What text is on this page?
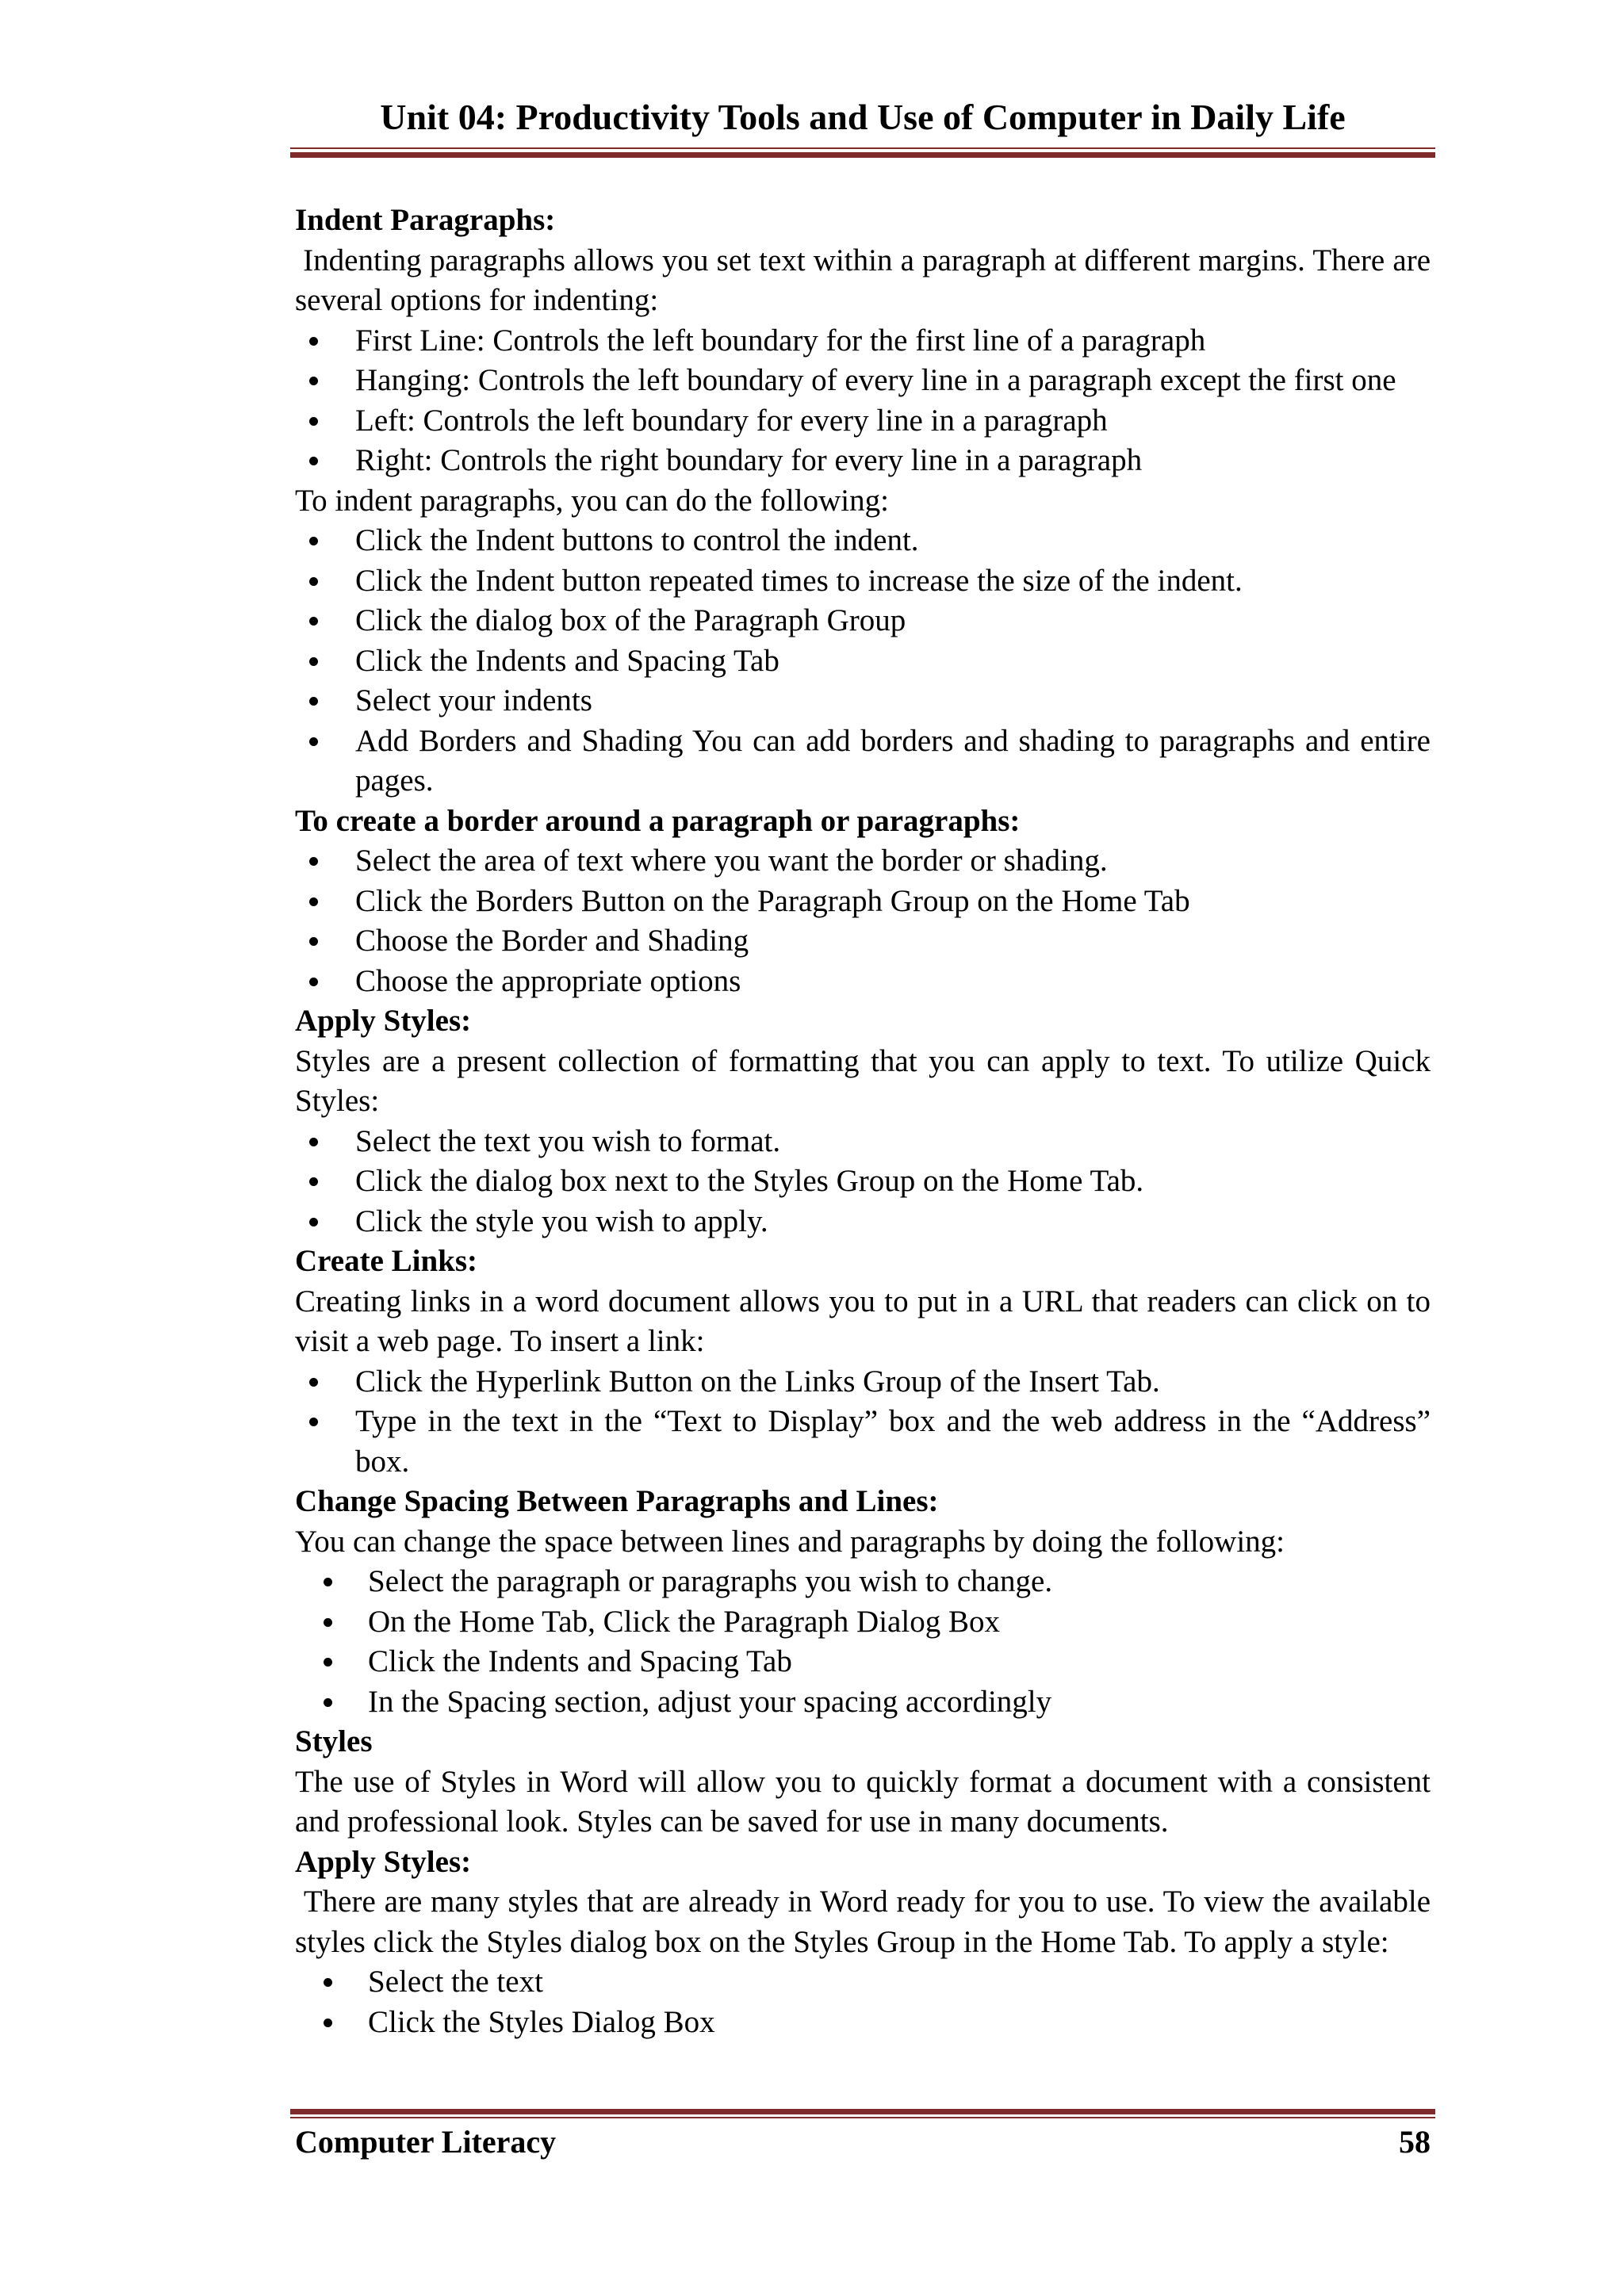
Unit 04: Productivity Tools and Use of Computer in Daily Life

Indent Paragraphs:

Indenting paragraphs allows you set text within a paragraph at different margins. There are several options for indenting:

First Line: Controls the left boundary for the first line of a paragraph
Hanging: Controls the left boundary of every line in a paragraph except the first one
Left: Controls the left boundary for every line in a paragraph
Right: Controls the right boundary for every line in a paragraph

To indent paragraphs, you can do the following:

Click the Indent buttons to control the indent.
Click the Indent button repeated times to increase the size of the indent.
Click the dialog box of the Paragraph Group
Click the Indents and Spacing Tab
Select your indents
Add Borders and Shading You can add borders and shading to paragraphs and entire pages.

To create a border around a paragraph or paragraphs:

Select the area of text where you want the border or shading.
Click the Borders Button on the Paragraph Group on the Home Tab
Choose the Border and Shading
Choose the appropriate options

Apply Styles:

Styles are a present collection of formatting that you can apply to text. To utilize Quick Styles:

Select the text you wish to format.
Click the dialog box next to the Styles Group on the Home Tab.
Click the style you wish to apply.

Create Links:

Creating links in a word document allows you to put in a URL that readers can click on to visit a web page. To insert a link:

Click the Hyperlink Button on the Links Group of the Insert Tab.
Type in the text in the “Text to Display” box and the web address in the “Address” box.

Change Spacing Between Paragraphs and Lines:

You can change the space between lines and paragraphs by doing the following:

Select the paragraph or paragraphs you wish to change.
On the Home Tab, Click the Paragraph Dialog Box
Click the Indents and Spacing Tab
In the Spacing section, adjust your spacing accordingly

Styles

The use of Styles in Word will allow you to quickly format a document with a consistent and professional look. Styles can be saved for use in many documents.

Apply Styles:

There are many styles that are already in Word ready for you to use. To view the available styles click the Styles dialog box on the Styles Group in the Home Tab. To apply a style:

Select the text
Click the Styles Dialog Box
Computer Literacy	58
